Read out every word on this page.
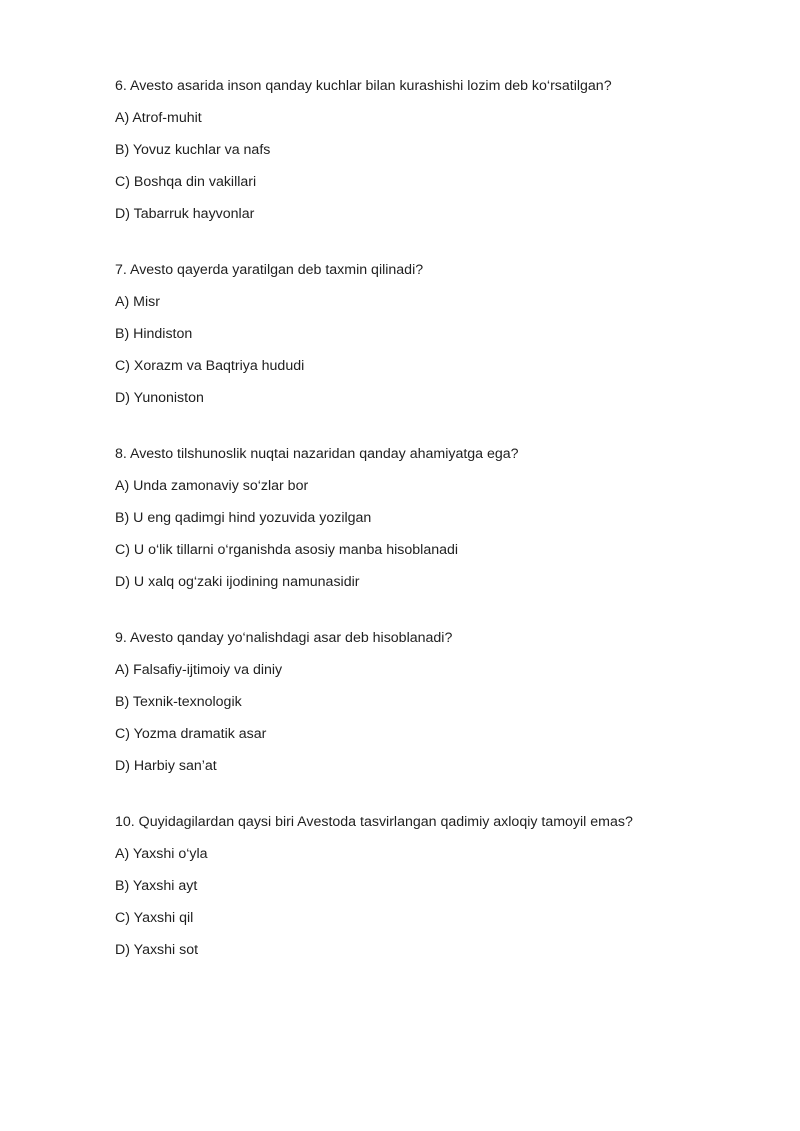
6. Avesto asarida inson qanday kuchlar bilan kurashishi lozim deb ko‘rsatilgan?
A) Atrof-muhit
B) Yovuz kuchlar va nafs
C) Boshqa din vakillari
D) Tabarruk hayvonlar
7. Avesto qayerda yaratilgan deb taxmin qilinadi?
A) Misr
B) Hindiston
C) Xorazm va Baqtriya hududi
D) Yunoniston
8. Avesto tilshunoslik nuqtai nazaridan qanday ahamiyatga ega?
A) Unda zamonaviy so‘zlar bor
B) U eng qadimgi hind yozuvida yozilgan
C) U o‘lik tillarni o‘rganishda asosiy manba hisoblanadi
D) U xalq og‘zaki ijodining namunasidir
9. Avesto qanday yo‘nalishdagi asar deb hisoblanadi?
A) Falsafiy-ijtimoiy va diniy
B) Texnik-texnologik
C) Yozma dramatik asar
D) Harbiy san’at
10. Quyidagilardan qaysi biri Avestoda tasvirlangan qadimiy axloqiy tamoyil emas?
A) Yaxshi o‘yla
B) Yaxshi ayt
C) Yaxshi qil
D) Yaxshi sot
